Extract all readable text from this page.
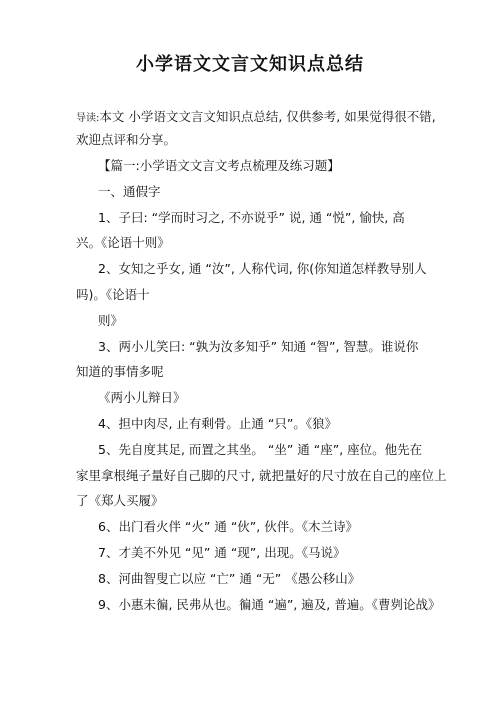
小学语文文言文知识点总结
导读:本文 小学语文文言文知识点总结, 仅供参考, 如果觉得很不错, 欢迎点评和分享。
【篇一:小学语文文言文考点梳理及练习题】
一、通假字
1、子曰: “学而时习之, 不亦说乎” 说, 通 “悦”, 愉快, 高
兴。《论语十则》
2、女知之乎女, 通 “汝”, 人称代词, 你(你知道怎样教导别人
吗)。《论语十
则》
3、两小儿笑曰: “孰为汝多知乎” 知通 “智”, 智慧。谁说你
知道的事情多呢
《两小儿辩日》
4、担中肉尽, 止有剩骨。止通 “只”。《狼》
5、先自度其足, 而置之其坐。 “坐” 通 “座”, 座位。他先在
家里拿根绳子量好自己脚的尺寸, 就把量好的尺寸放在自己的座位上
了《郑人买履》
6、出门看火伴 “火” 通 “伙”, 伙伴。《木兰诗》
7、才美不外见 “见” 通 “现”, 出现。《马说》
8、河曲智叟亡以应 “亡” 通 “无” 《愚公移山》
9、小惠未徧, 民弗从也。徧通 “遍”, 遍及, 普遍。《曹刿论战》
